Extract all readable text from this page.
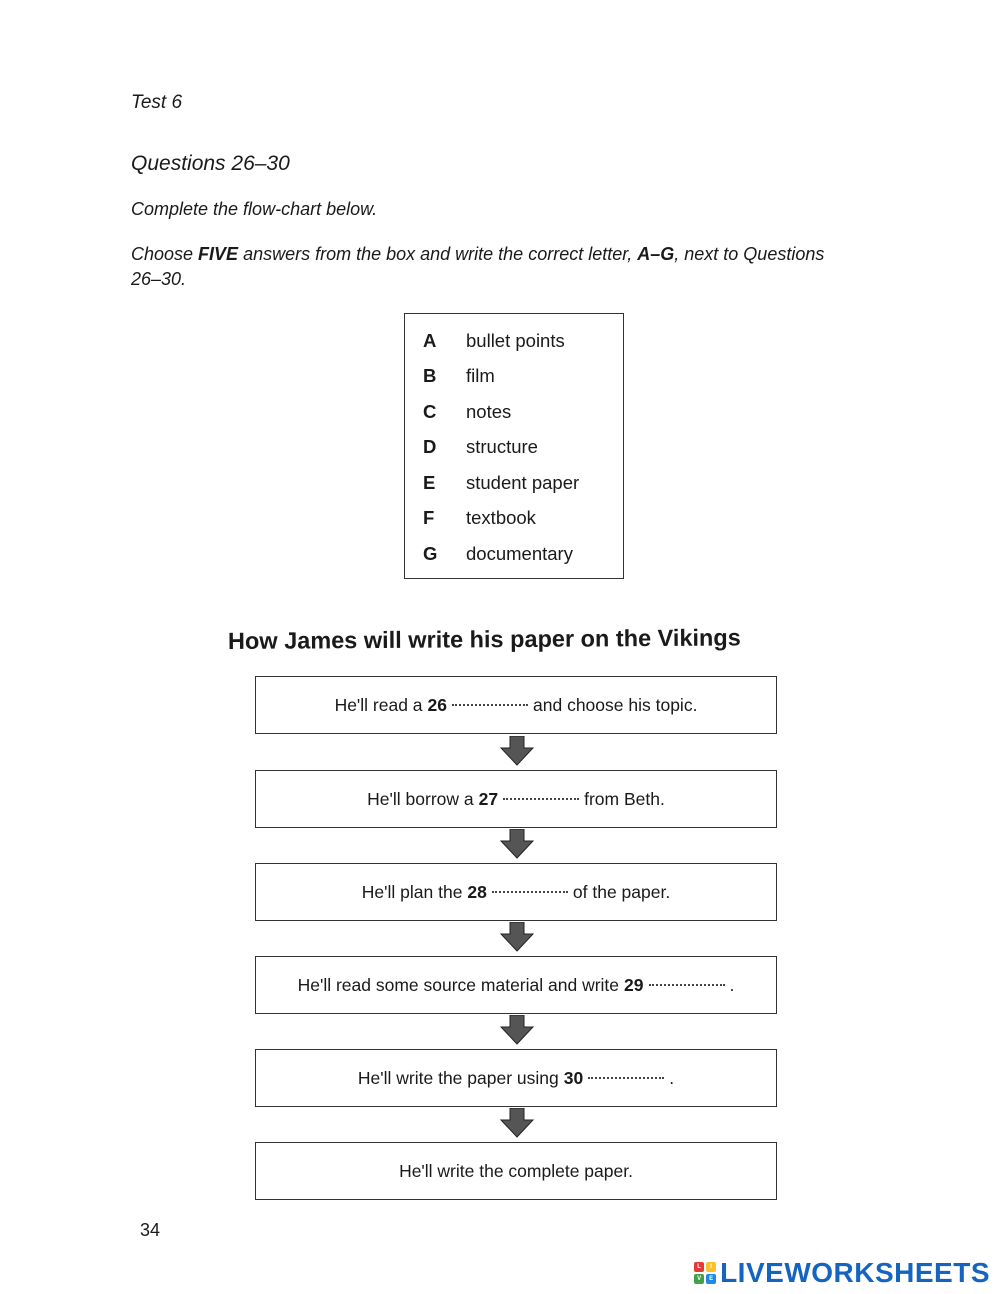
Test 6
Questions 26–30
Complete the flow-chart below.
Choose FIVE answers from the box and write the correct letter, A–G, next to Questions 26–30.
A	bullet points
B	film
C	notes
D	structure
E	student paper
F	textbook
G	documentary
How James will write his paper on the Vikings
He'll read a 26	and choose his topic.
He'll borrow a 27	from Beth.
He'll plan the 28	of the paper.
He'll read some source material and write 29	.
He'll write the paper using 30	.
He'll write the complete paper.
34
L	I
V	E LIVEWORKSHEETS
